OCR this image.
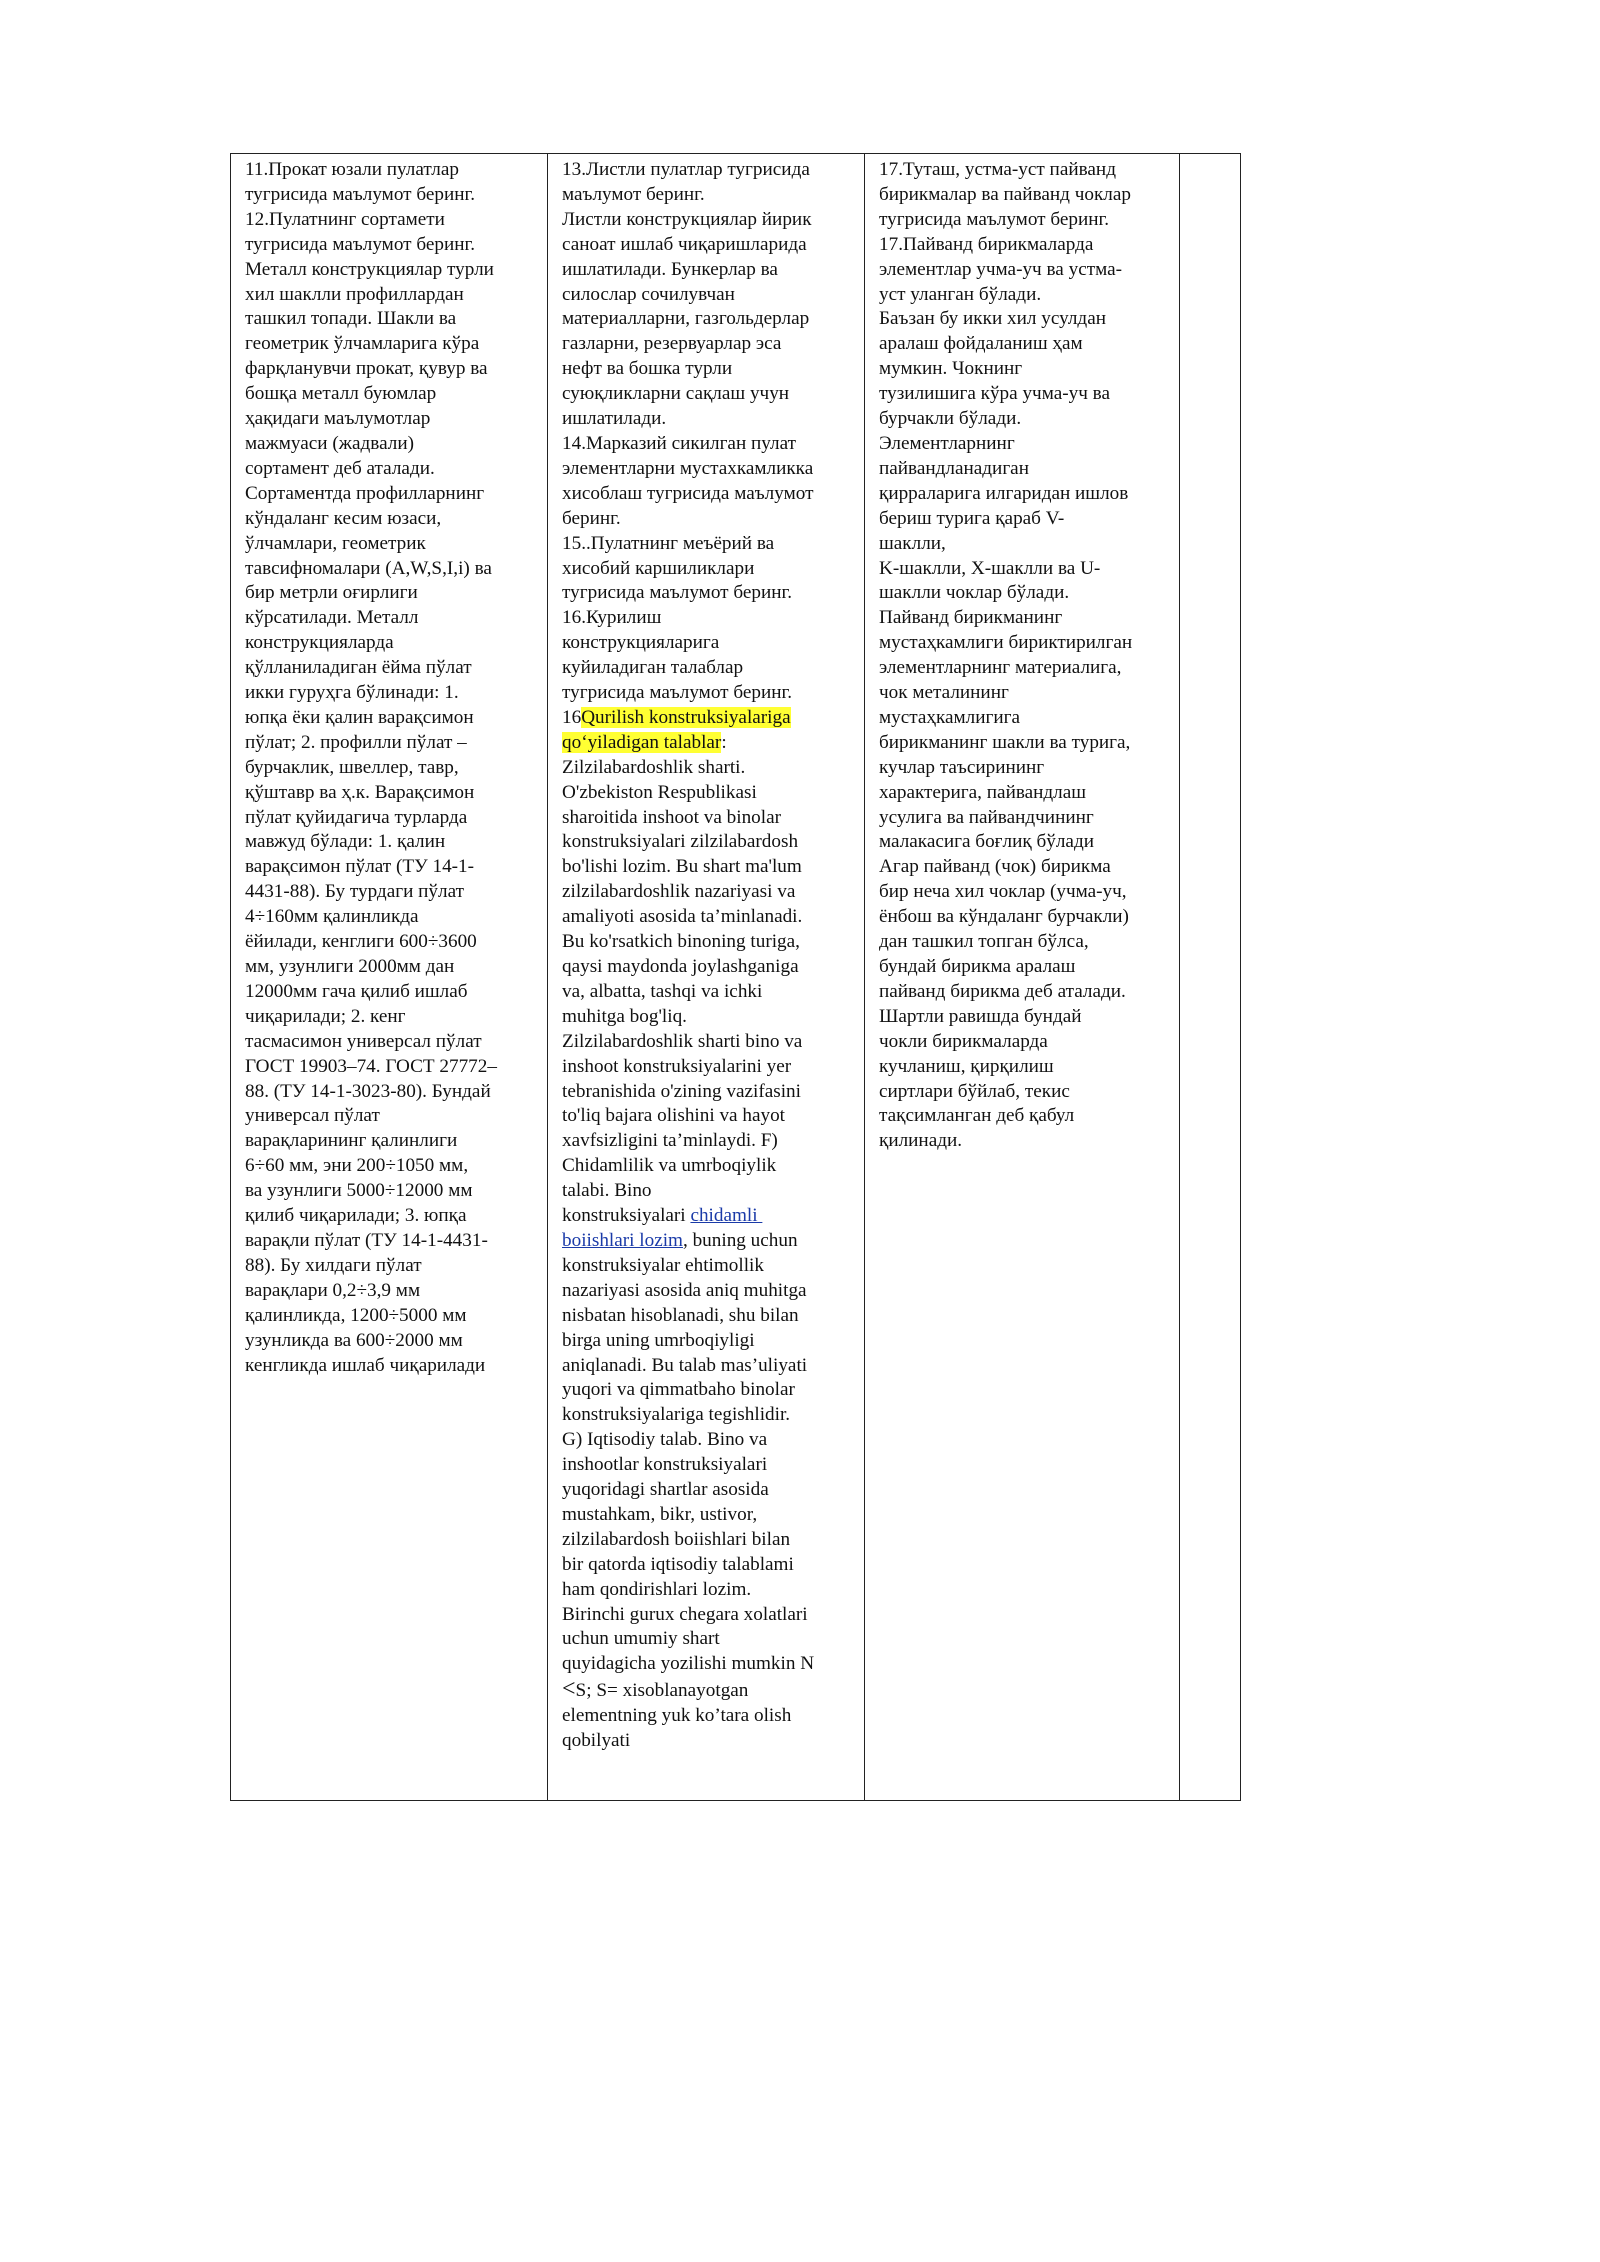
11.Прокат юзали пулатлар
тугрисида маълумот беринг.
12.Пулатнинг сортамети
тугрисида маълумот беринг.
Металл конструкциялар турли
хил шаклли профиллардан
ташкил топади. Шакли ва
геометрик ўлчамларига кўра
фарқланувчи прокат, қувур ва
бошқа металл буюмлар
ҳақидаги маълумотлар
мажмуаси (жадвали)
сортамент деб аталади.
Сортаментда профилларнинг
кўндаланг кесим юзаси,
ўлчамлари, геометрик
тавсифномалари (A,W,S,I,i) ва
бир метрли оғирлиги
кўрсатилади. Металл
конструкцияларда
қўлланиладиган ёйма пўлат
икки гуруҳга бўлинади: 1.
юпқа ёки қалин варақсимон
пўлат; 2. профилли пўлат –
бурчаклик, швеллер, тавр,
қўштавр ва ҳ.к. Варақсимон
пўлат қуйидагича турларда
мавжуд бўлади: 1. қалин
варақсимон пўлат (ТУ 14-1-
4431-88). Бу турдаги пўлат
4÷160мм қалинликда
ёйилади, кенглиги 600÷3600
мм, узунлиги 2000мм дан
12000мм гача қилиб ишлаб
чиқарилади; 2. кенг
тасмасимон универсал пўлат
ГОСТ 19903–74. ГОСТ 27772–
88. (ТУ 14-1-3023-80). Бундай
универсал пўлат
варақларининг қалинлиги
6÷60 мм, эни 200÷1050 мм,
ва узунлиги 5000÷12000 мм
қилиб чиқарилади; 3. юпқа
варақли пўлат (ТУ 14-1-4431-
88). Бу хилдаги пўлат
варақлари 0,2÷3,9 мм
қалинликда, 1200÷5000 мм
узунликда ва 600÷2000 мм
кенгликда ишлаб чиқарилади

13.Листли пулатлар тугрисида
маълумот беринг.
Листли конструкциялар йирик
саноат ишлаб чиқаришларида
ишлатилади. Бункерлар ва
силослар сочилувчан
материалларни, газгольдерлар
газларни, резервуарлар эса
нефт ва бошка турли
суюқликларни сақлаш учун
ишлатилади.
14.Марказий сикилган пулат
элементларни мустахкамликка
хисоблаш тугрисида маълумот
беринг.
15..Пулатнинг меъёрий ва
хисобий каршиликлари
тугрисида маълумот беринг.
16.Курилиш
конструкцияларига
куйиладиган талаблар
тугрисида маълумот беринг.
16Qurilish konstruksiyalariga
qo‘yiladigan talablar:
Zilzilabardoshlik sharti.
O'zbekiston Respublikasi
sharoitida inshoot va binolar
konstruksiyalari zilzilabardosh
bo'lishi lozim. Bu shart ma'lum
zilzilabardoshlik nazariyasi va
amaliyoti asosida ta’minlanadi.
Bu ko'rsatkich binoning turiga,
qaysi maydonda joylashganiga
va, albatta, tashqi va ichki
muhitga bog'liq.
Zilzilabardoshlik sharti bino va
inshoot konstruksiyalarini yer
tebranishida o'zining vazifasini
to'liq bajara olishini va hayot
xavfsizligini ta’minlaydi. F)
Chidamlilik va umrboqiylik
talabi. Bino
konstruksiyalari chidamli
boiishlari lozim, buning uchun
konstruksiyalar ehtimollik
nazariyasi asosida aniq muhitga
nisbatan hisoblanadi, shu bilan
birga uning umrboqiyligi
aniqlanadi. Bu talab mas’uliyati
yuqori va qimmatbaho binolar
konstruksiyalariga tegishlidir.
G) Iqtisodiy talab. Bino va
inshootlar konstruksiyalari
yuqoridagi shartlar asosida
mustahkam, bikr, ustivor,
zilzilabardosh boiishlari bilan
bir qatorda iqtisodiy talablami
ham qondirishlari lozim.
Birinchi gurux chegara xolatlari
uchun umumiy shart
quyidagicha yozilishi mumkin N
<S; S= xisoblanayotgan
elementning yuk ko’tara olish
qobilyati

17.Туташ, устма-уст пайванд
бирикмалар ва пайванд чоклар
тугрисида маълумот беринг.
17.Пайванд бирикмаларда
элементлар учма-уч ва устма-
уст уланган бўлади.
Баъзан бу икки хил усулдан
аралаш фойдаланиш ҳам
мумкин. Чокнинг
тузилишига кўра учма-уч ва
бурчакли бўлади.
Элементларнинг
пайвандланадиган
қирраларига илгаридан ишлов
бериш турига қараб V-
шаклли,
K-шаклли, X-шаклли ва U-
шаклли чоклар бўлади.
Пайванд бирикманинг
мустаҳкамлиги бириктирилган
элементларнинг материалига,
чок металининг
мустаҳкамлигига
бирикманинг шакли ва турига,
кучлар таъсирининг
характерига, пайвандлаш
усулига ва пайвандчининг
малакасига боғлиқ бўлади
Агар пайванд (чок) бирикма
бир неча хил чоклар (учма-уч,
ёнбош ва кўндаланг бурчакли)
дан ташкил топган бўлса,
бундай бирикма аралаш
пайванд бирикма деб аталади.
Шартли равишда бундай
чокли бирикмаларда
кучланиш, қирқилиш
сиртлари бўйлаб, текис
тақсимланган деб қабул
қилинади.
